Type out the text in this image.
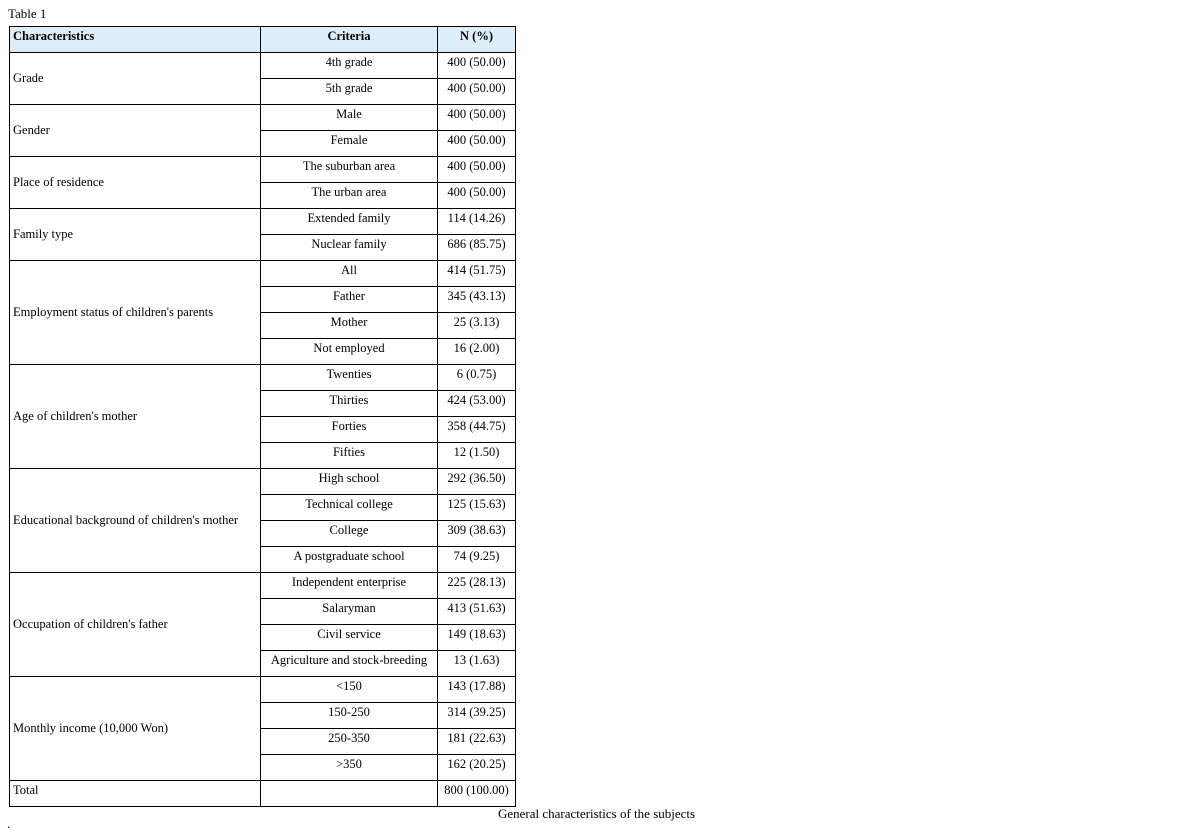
Table 1
Characteristics	Criteria	N (%)
Grade	4th grade	400 (50.00)
	5th grade	400 (50.00)
Gender	Male	400 (50.00)
	Female	400 (50.00)
Place of residence	The suburban area	400 (50.00)
	The urban area	400 (50.00)
Family type	Extended family	114 (14.26)
	Nuclear family	686 (85.75)
Employment status of children's parents	All	414 (51.75)
	Father	345 (43.13)
	Mother	25 (3.13)
	Not employed	16 (2.00)
Age of children's mother	Twenties	6 (0.75)
	Thirties	424 (53.00)
	Forties	358 (44.75)
	Fifties	12 (1.50)
Educational background of children's mother	High school	292 (36.50)
	Technical college	125 (15.63)
	College	309 (38.63)
	A postgraduate school	74 (9.25)
Occupation of children's father	Independent enterprise	225 (28.13)
	Salaryman	413 (51.63)
	Civil service	149 (18.63)
	Agriculture and stock-breeding	13 (1.63)
Monthly income (10,000 Won)	<150	143 (17.88)
	150-250	314 (39.25)
	250-350	181 (22.63)
	>350	162 (20.25)
Total		800 (100.00)
General characteristics of the subjects
.
